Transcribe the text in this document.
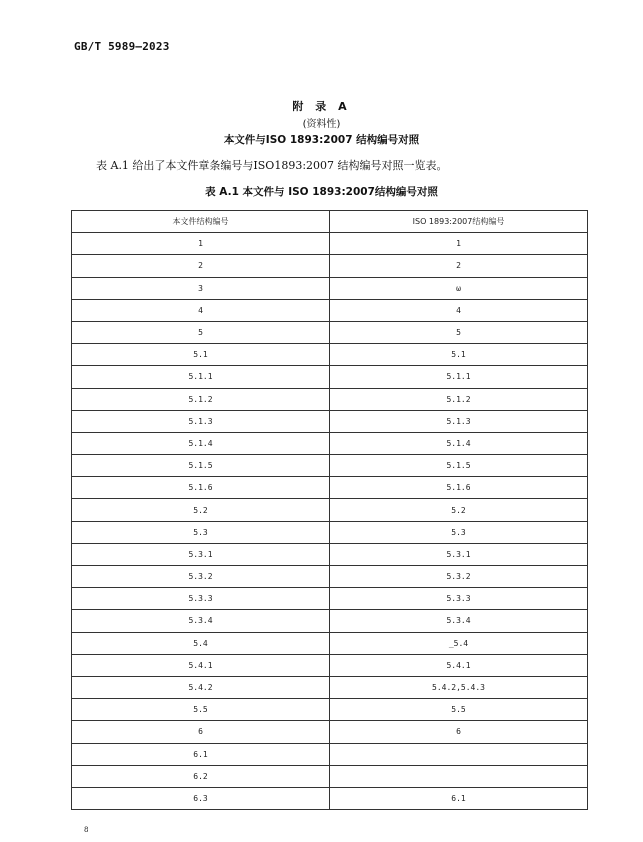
GB/T 5989—2023
附 录 A
(资料性)
本文件与ISO 1893:2007 结构编号对照
表 A.1 给出了本文件章条编号与ISO1893:2007 结构编号对照一览表。
表 A.1 本文件与 ISO 1893:2007结构编号对照
本文件结构编号	ISO 1893:2007结构编号
1	1
2	2
3	ω
4	4
5	5
5.1	5.1
5.1.1	5.1.1
5.1.2	5.1.2
5.1.3	5.1.3
5.1.4	5.1.4
5.1.5	5.1.5
5.1.6	5.1.6
5.2	5.2
5.3	5.3
5.3.1	5.3.1
5.3.2	5.3.2
5.3.3	5.3.3
5.3.4	5.3.4
5.4	_5.4
5.4.1	5.4.1
5.4.2	5.4.2,5.4.3
5.5	5.5
6	6
6.1	
6.2	
6.3	6.1
8
